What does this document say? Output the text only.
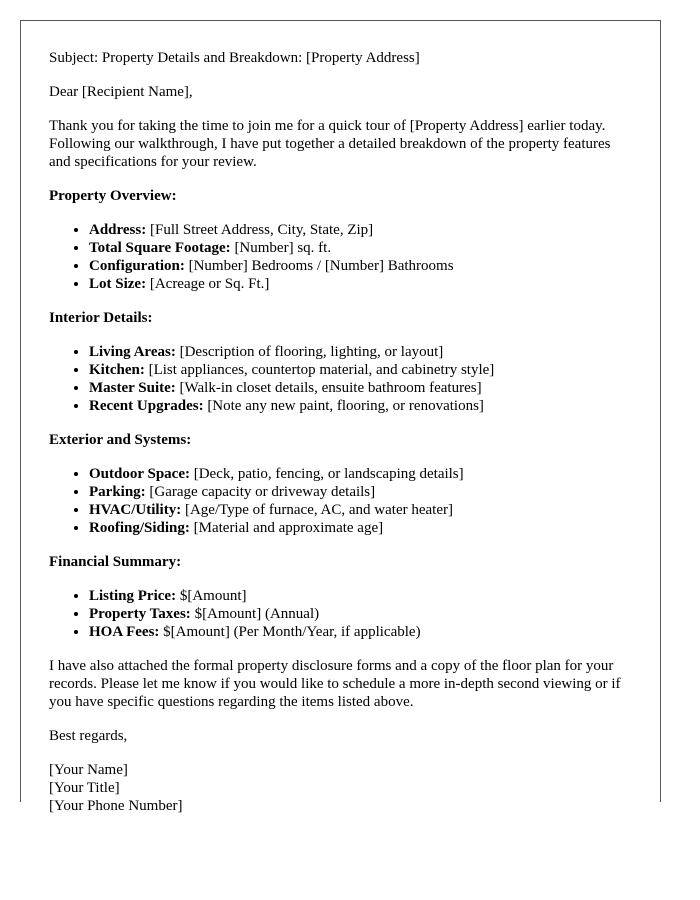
Subject: Property Details and Breakdown: [Property Address]

Dear [Recipient Name],

Thank you for taking the time to join me for a quick tour of [Property Address] earlier today. Following our walkthrough, I have put together a detailed breakdown of the property features and specifications for your review.

Property Overview:
• Address: [Full Street Address, City, State, Zip]
• Total Square Footage: [Number] sq. ft.
• Configuration: [Number] Bedrooms / [Number] Bathrooms
• Lot Size: [Acreage or Sq. Ft.]
Interior Details:
• Living Areas: [Description of flooring, lighting, or layout]
• Kitchen: [List appliances, countertop material, and cabinetry style]
• Master Suite: [Walk-in closet details, ensuite bathroom features]
• Recent Upgrades: [Note any new paint, flooring, or renovations]
Exterior and Systems:
• Outdoor Space: [Deck, patio, fencing, or landscaping details]
• Parking: [Garage capacity or driveway details]
• HVAC/Utility: [Age/Type of furnace, AC, and water heater]
• Roofing/Siding: [Material and approximate age]
Financial Summary:
• Listing Price: $[Amount]
• Property Taxes: $[Amount] (Annual)
• HOA Fees: $[Amount] (Per Month/Year, if applicable)

I have also attached the formal property disclosure forms and a copy of the floor plan for your records. Please let me know if you would like to schedule a more in-depth second viewing or if you have specific questions regarding the items listed above.

Best regards,

[Your Name]
[Your Title]
[Your Phone Number]
